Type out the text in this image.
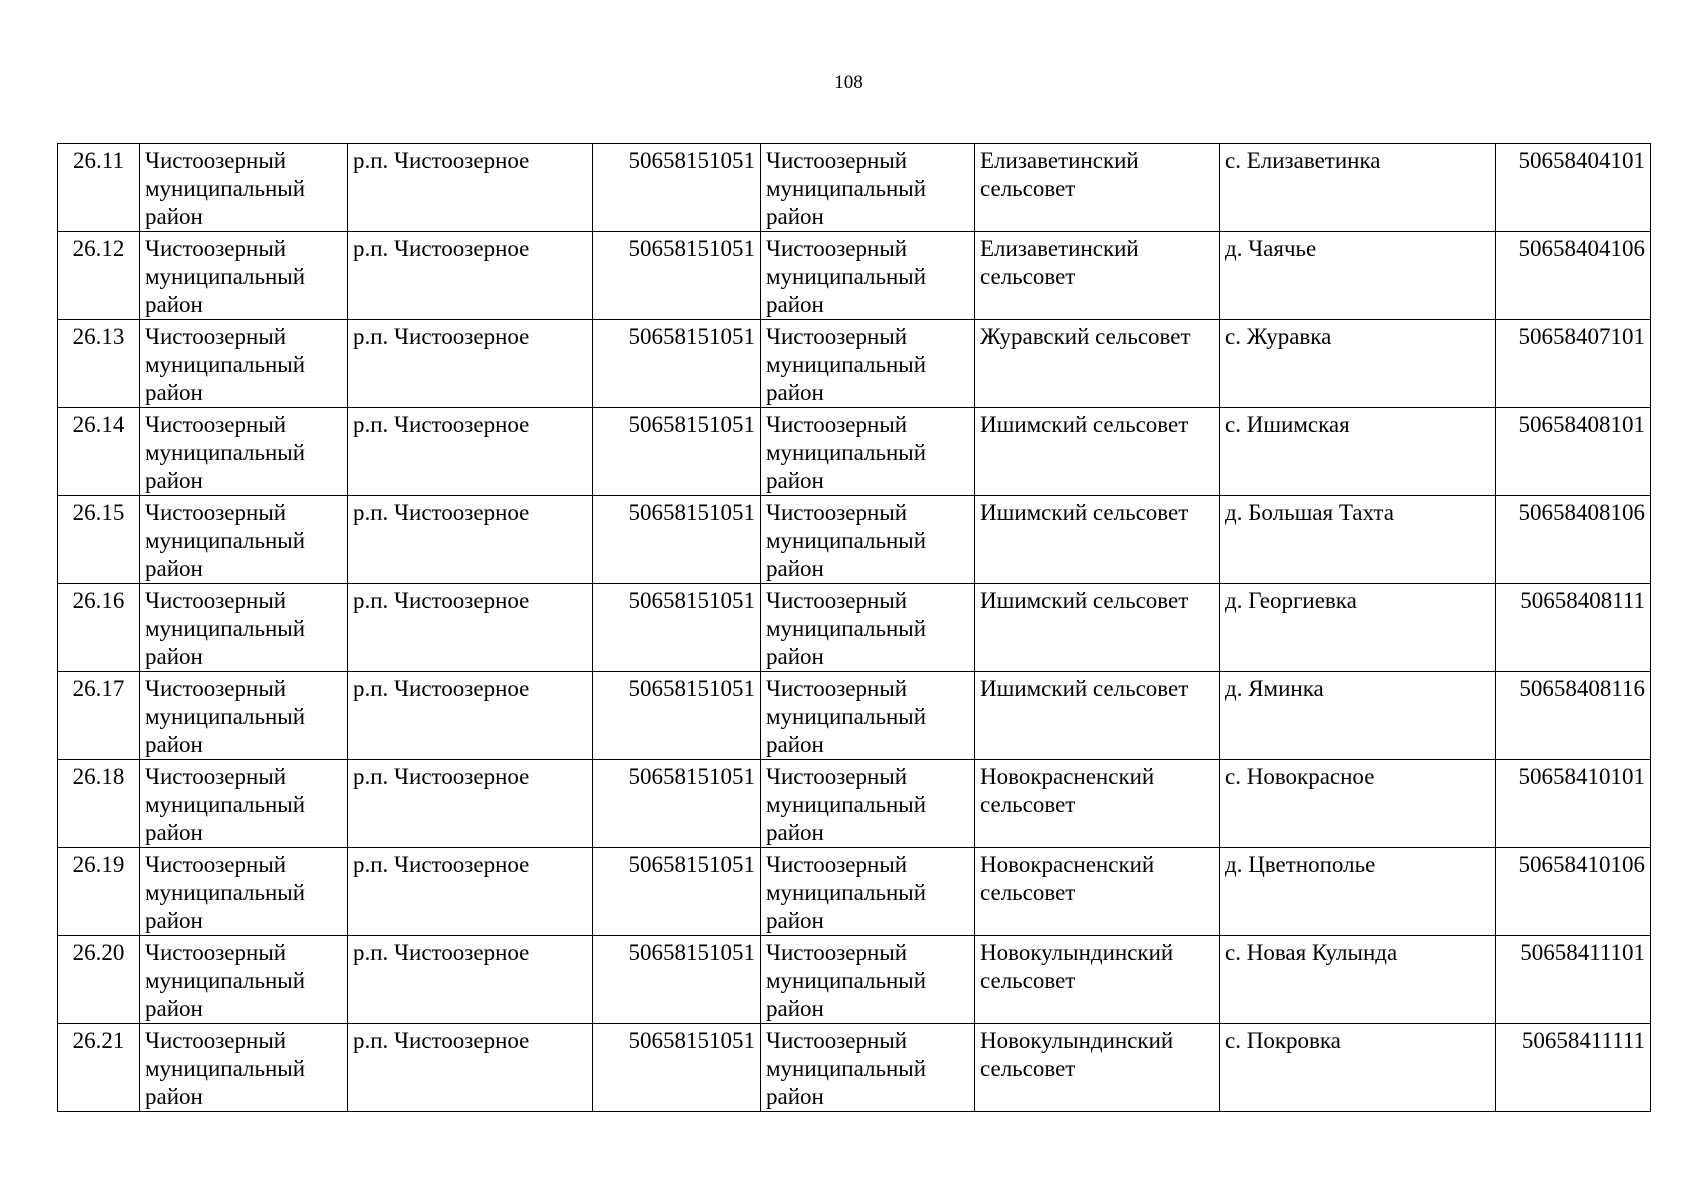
108
26.11	Чистоозерный муниципальный район	р.п. Чистоозерное	50658151051	Чистоозерный муниципальный район	Елизаветинский сельсовет	с. Елизаветинка	50658404101
26.12	Чистоозерный муниципальный район	р.п. Чистоозерное	50658151051	Чистоозерный муниципальный район	Елизаветинский сельсовет	д. Чаячье	50658404106
26.13	Чистоозерный муниципальный район	р.п. Чистоозерное	50658151051	Чистоозерный муниципальный район	Журавский сельсовет	с. Журавка	50658407101
26.14	Чистоозерный муниципальный район	р.п. Чистоозерное	50658151051	Чистоозерный муниципальный район	Ишимский сельсовет	с. Ишимская	50658408101
26.15	Чистоозерный муниципальный район	р.п. Чистоозерное	50658151051	Чистоозерный муниципальный район	Ишимский сельсовет	д. Большая Тахта	50658408106
26.16	Чистоозерный муниципальный район	р.п. Чистоозерное	50658151051	Чистоозерный муниципальный район	Ишимский сельсовет	д. Георгиевка	50658408111
26.17	Чистоозерный муниципальный район	р.п. Чистоозерное	50658151051	Чистоозерный муниципальный район	Ишимский сельсовет	д. Яминка	50658408116
26.18	Чистоозерный муниципальный район	р.п. Чистоозерное	50658151051	Чистоозерный муниципальный район	Новокрасненский сельсовет	с. Новокрасное	50658410101
26.19	Чистоозерный муниципальный район	р.п. Чистоозерное	50658151051	Чистоозерный муниципальный район	Новокрасненский сельсовет	д. Цветнополье	50658410106
26.20	Чистоозерный муниципальный район	р.п. Чистоозерное	50658151051	Чистоозерный муниципальный район	Новокулындинский сельсовет	с. Новая Кулында	50658411101
26.21	Чистоозерный муниципальный район	р.п. Чистоозерное	50658151051	Чистоозерный муниципальный район	Новокулындинский сельсовет	с. Покровка	50658411111
